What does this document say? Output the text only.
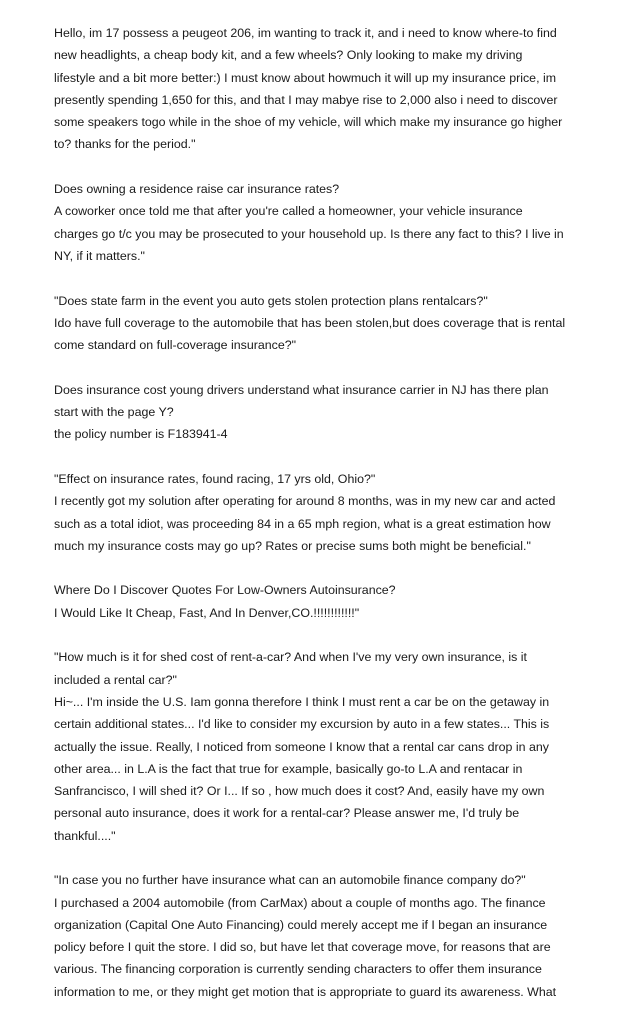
Hello, im 17 possess a peugeot 206, im wanting to track it, and i need to know where-to find
new headlights, a cheap body kit, and a few wheels? Only looking to make my driving
lifestyle and a bit more better:) I must know about howmuch it will up my insurance price, im
presently spending 1,650 for this, and that I may mabye rise to 2,000 also i need to discover
some speakers togo while in the shoe of my vehicle, will which make my insurance go higher
to? thanks for the period."
Does owning a residence raise car insurance rates?
A coworker once told me that after you're called a homeowner, your vehicle insurance
charges go t/c you may be prosecuted to your household up. Is there any fact to this? I live in
NY, if it matters."
"Does state farm in the event you auto gets stolen protection plans rentalcars?"
Ido have full coverage to the automobile that has been stolen,but does coverage that is rental
come standard on full-coverage insurance?"
Does insurance cost young drivers understand what insurance carrier in NJ has there plan
start with the page Y?
the policy number is F183941-4
"Effect on insurance rates, found racing, 17 yrs old, Ohio?"
I recently got my solution after operating for around 8 months, was in my new car and acted
such as a total idiot, was proceeding 84 in a 65 mph region, what is a great estimation how
much my insurance costs may go up? Rates or precise sums both might be beneficial."
Where Do I Discover Quotes For Low-Owners Autoinsurance?
I Would Like It Cheap, Fast, And In Denver,CO.!!!!!!!!!!!!"
"How much is it for shed cost of rent-a-car? And when I've my very own insurance, is it
included a rental car?"
Hi~... I'm inside the U.S. Iam gonna therefore I think I must rent a car be on the getaway in
certain additional states... I'd like to consider my excursion by auto in a few states... This is
actually the issue. Really, I noticed from someone I know that a rental car cans drop in any
other area... in L.A is the fact that true for example, basically go-to L.A and rentacar in
Sanfrancisco, I will shed it? Or I... If so , how much does it cost? And, easily have my own
personal auto insurance, does it work for a rental-car? Please answer me, I'd truly be
thankful...."
"In case you no further have insurance what can an automobile finance company do?"
I purchased a 2004 automobile (from CarMax) about a couple of months ago. The finance
organization (Capital One Auto Financing) could merely accept me if I began an insurance
policy before I quit the store. I did so, but have let that coverage move, for reasons that are
various. The financing corporation is currently sending characters to offer them insurance
information to me, or they might get motion that is appropriate to guard its awareness. What
